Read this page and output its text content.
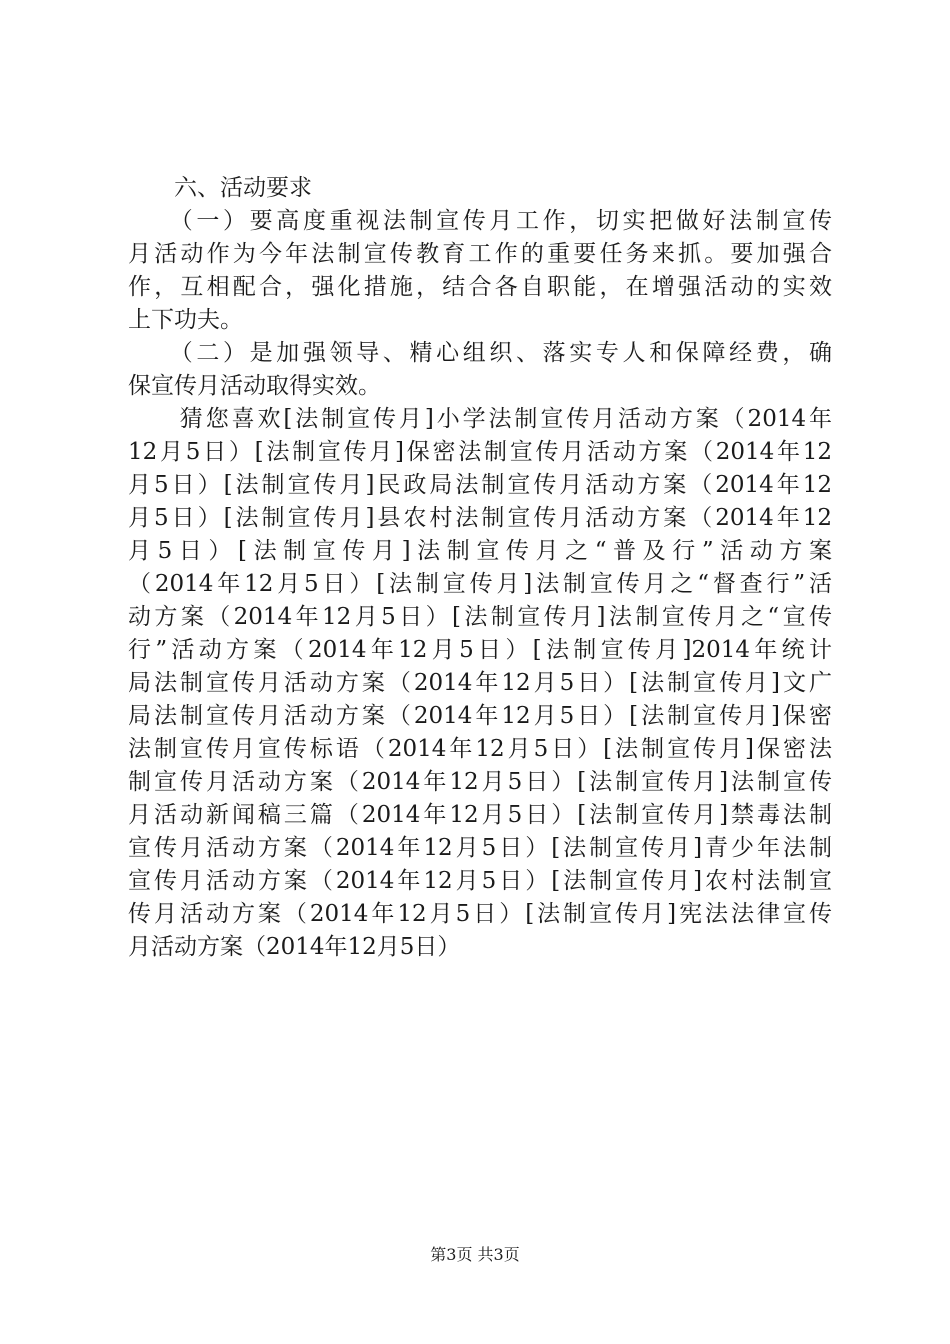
　　六、活动要求
　　（一）要高度重视法制宣传月工作，切实把做好法制宣传
月活动作为今年法制宣传教育工作的重要任务来抓。要加强合
作，互相配合，强化措施，结合各自职能，在增强活动的实效
上下功夫。
　　（二）是加强领导、精心组织、落实专人和保障经费，确
保宣传月活动取得实效。
　　猜您喜欢[法制宣传月]小学法制宣传月活动方案（2014年
12月5日）[法制宣传月]保密法制宣传月活动方案（2014年12
月5日）[法制宣传月]民政局法制宣传月活动方案（2014年12
月5日）[法制宣传月]县农村法制宣传月活动方案（2014年12
月5日）[法制宣传月]法制宣传月之“普及行”活动方案
（2014年12月5日）[法制宣传月]法制宣传月之“督查行”活
动方案（2014年12月5日）[法制宣传月]法制宣传月之“宣传
行”活动方案（2014年12月5日）[法制宣传月]2014年统计
局法制宣传月活动方案（2014年12月5日）[法制宣传月]文广
局法制宣传月活动方案（2014年12月5日）[法制宣传月]保密
法制宣传月宣传标语（2014年12月5日）[法制宣传月]保密法
制宣传月活动方案（2014年12月5日）[法制宣传月]法制宣传
月活动新闻稿三篇（2014年12月5日）[法制宣传月]禁毒法制
宣传月活动方案（2014年12月5日）[法制宣传月]青少年法制
宣传月活动方案（2014年12月5日）[法制宣传月]农村法制宣
传月活动方案（2014年12月5日）[法制宣传月]宪法法律宣传
月活动方案（2014年12月5日）
第3页 共3页
